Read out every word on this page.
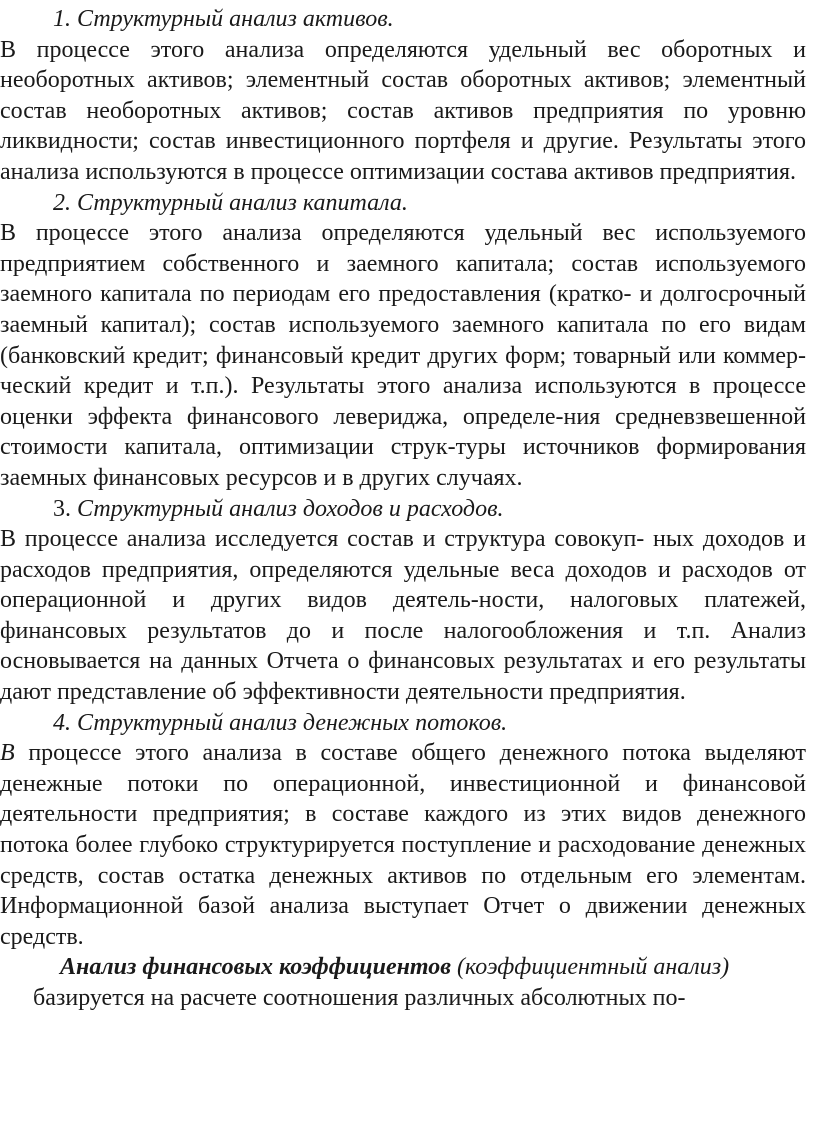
1. Структурный анализ активов.

В процессе этого анализа определяются удельный вес оборотных и необоротных активов; элементный состав оборотных активов; элементный состав необоротных активов; состав активов предприятия по уровню ликвидности; состав инвестиционного портфеля и другие. Результаты этого анализа используются в процессе оптимизации состава активов предприятия.

2. Структурный анализ капитала.

В процессе этого анализа определяются удельный вес используемого предприятием собственного и заемного капитала; состав используемого заемного капитала по периодам его предоставления (кратко- и долгосрочный заемный капитал); состав используемого заемного капитала по его видам (банковский кредит; финансовый кредит других форм; товарный или коммерческий кредит и т.п.). Результаты этого анализа используются в процессе оценки эффекта финансового левериджа, определе-ния средневзвешенной стоимости капитала, оптимизации струк-туры источников формирования заемных финансовых ресурсов и в других случаях.

3. Структурный анализ доходов и расходов.

В процессе анализа исследуется состав и структура совокуп- ных доходов и расходов предприятия, определяются удельные веса доходов и расходов от операционной и других видов деятель-ности, налоговых платежей, финансовых результатов до и после налогообложения и т.п. Анализ основывается на данных Отчета о финансовых результатах и его результаты дают представление об эффективности деятельности предприятия.

4. Структурный анализ денежных потоков.

В процессе этого анализа в составе общего денежного потока выделяют денежные потоки по операционной, инвестиционной и финансовой деятельности предприятия; в составе каждого из этих видов денежного потока более глубоко структурируется поступление и расходование денежных средств, состав остатка денежных активов по отдельным его элементам. Информационной базой анализа выступает Отчет о движении денежных средств.

Анализ финансовых коэффициентов (коэффициентный анализ)

базируется на расчете соотношения различных абсолютных по-
